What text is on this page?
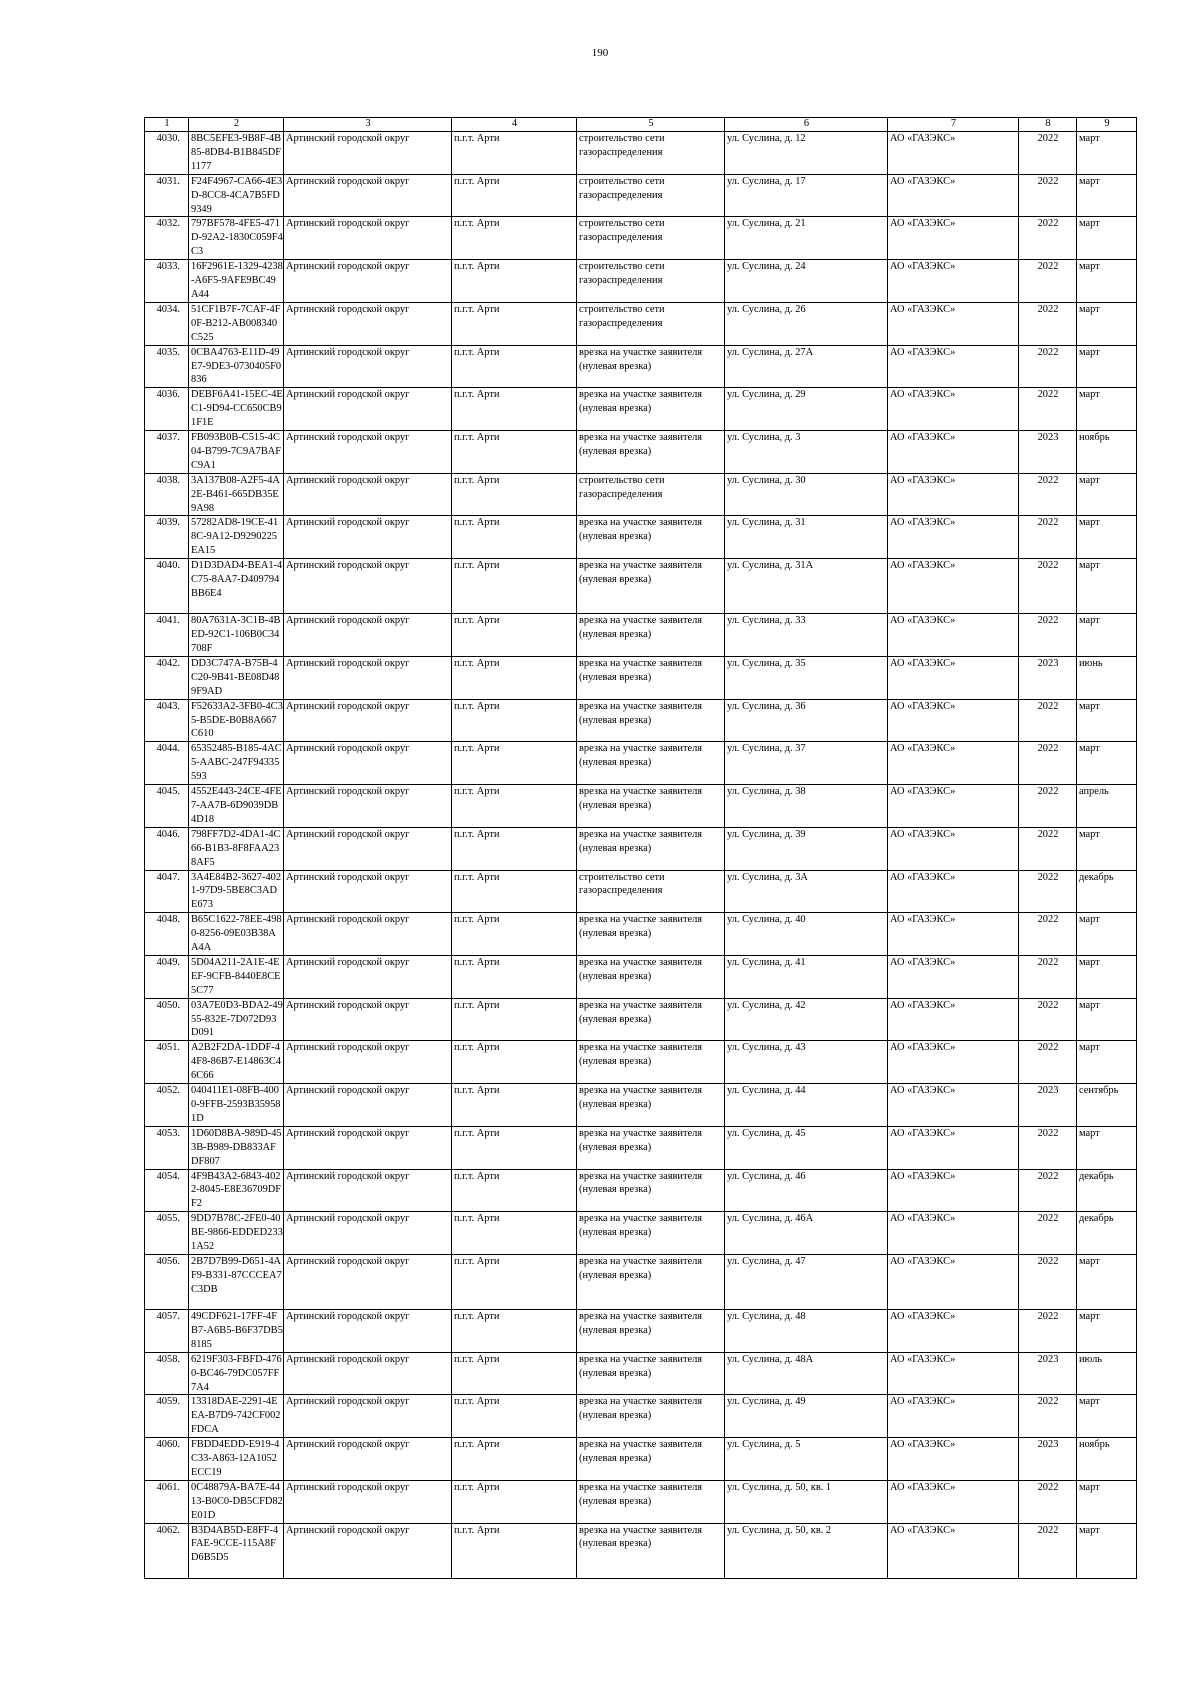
190
1	2	3	4	5	6	7	8	9
4030.	8BC5EFE3-9B8F-4B85-8DB4-B1B845DF1177	Артинский городской округ	п.г.т. Арти	строительство сети газораспределения	ул. Суслина, д. 12	АО «ГАЗЭКС»	2022	март
4031.	F24F4967-CA66-4E3D-8CC8-4CA7B5FD9349	Артинский городской округ	п.г.т. Арти	строительство сети газораспределения	ул. Суслина, д. 17	АО «ГАЗЭКС»	2022	март
4032.	797BF578-4FE5-471D-92A2-1830C059F4C3	Артинский городской округ	п.г.т. Арти	строительство сети газораспределения	ул. Суслина, д. 21	АО «ГАЗЭКС»	2022	март
4033.	16F2961E-1329-4238-A6F5-9AFE9BC49A44	Артинский городской округ	п.г.т. Арти	строительство сети газораспределения	ул. Суслина, д. 24	АО «ГАЗЭКС»	2022	март
4034.	51CF1B7F-7CAF-4F0F-B212-AB008340C525	Артинский городской округ	п.г.т. Арти	строительство сети газораспределения	ул. Суслина, д. 26	АО «ГАЗЭКС»	2022	март
4035.	0CBA4763-E11D-49E7-9DE3-0730405F0836	Артинский городской округ	п.г.т. Арти	врезка на участке заявителя (нулевая врезка)	ул. Суслина, д. 27А	АО «ГАЗЭКС»	2022	март
4036.	DEBF6A41-15EC-4EC1-9D94-CC650CB91F1E	Артинский городской округ	п.г.т. Арти	врезка на участке заявителя (нулевая врезка)	ул. Суслина, д. 29	АО «ГАЗЭКС»	2022	март
4037.	FB093B0B-C515-4C04-B799-7C9A7BAFC9A1	Артинский городской округ	п.г.т. Арти	врезка на участке заявителя (нулевая врезка)	ул. Суслина, д. 3	АО «ГАЗЭКС»	2023	ноябрь
4038.	3A137B08-A2F5-4A2E-B461-665DB35E9A98	Артинский городской округ	п.г.т. Арти	строительство сети газораспределения	ул. Суслина, д. 30	АО «ГАЗЭКС»	2022	март
4039.	57282AD8-19CE-418C-9A12-D9290225EA15	Артинский городской округ	п.г.т. Арти	врезка на участке заявителя (нулевая врезка)	ул. Суслина, д. 31	АО «ГАЗЭКС»	2022	март
4040.	D1D3DAD4-BEA1-4C75-8AA7-D409794BB6E4	Артинский городской округ	п.г.т. Арти	врезка на участке заявителя (нулевая врезка)	ул. Суслина, д. 31А	АО «ГАЗЭКС»	2022	март
4041.	80A7631A-3C1B-4BED-92C1-106B0C34708F	Артинский городской округ	п.г.т. Арти	врезка на участке заявителя (нулевая врезка)	ул. Суслина, д. 33	АО «ГАЗЭКС»	2022	март
4042.	DD3C747A-B75B-4C20-9B41-BE08D489F9AD	Артинский городской округ	п.г.т. Арти	врезка на участке заявителя (нулевая врезка)	ул. Суслина, д. 35	АО «ГАЗЭКС»	2023	июнь
4043.	F52633A2-3FB0-4C35-B5DE-B0B8A667C610	Артинский городской округ	п.г.т. Арти	врезка на участке заявителя (нулевая врезка)	ул. Суслина, д. 36	АО «ГАЗЭКС»	2022	март
4044.	65352485-B185-4AC5-AABC-247F94335593	Артинский городской округ	п.г.т. Арти	врезка на участке заявителя (нулевая врезка)	ул. Суслина, д. 37	АО «ГАЗЭКС»	2022	март
4045.	4552E443-24CE-4FE7-AA7B-6D9039DB4D18	Артинский городской округ	п.г.т. Арти	врезка на участке заявителя (нулевая врезка)	ул. Суслина, д. 38	АО «ГАЗЭКС»	2022	апрель
4046.	798FF7D2-4DA1-4C66-B1B3-8F8FAA238AF5	Артинский городской округ	п.г.т. Арти	врезка на участке заявителя (нулевая врезка)	ул. Суслина, д. 39	АО «ГАЗЭКС»	2022	март
4047.	3A4E84B2-3627-4021-97D9-5BE8C3ADE673	Артинский городской округ	п.г.т. Арти	строительство сети газораспределения	ул. Суслина, д. 3А	АО «ГАЗЭКС»	2022	декабрь
4048.	B65C1622-78EE-4980-8256-09E03B38AA4A	Артинский городской округ	п.г.т. Арти	врезка на участке заявителя (нулевая врезка)	ул. Суслина, д. 40	АО «ГАЗЭКС»	2022	март
4049.	5D04A211-2A1E-4EEF-9CFB-8440E8CE5C77	Артинский городской округ	п.г.т. Арти	врезка на участке заявителя (нулевая врезка)	ул. Суслина, д. 41	АО «ГАЗЭКС»	2022	март
4050.	03A7E0D3-BDA2-4955-832E-7D072D93D091	Артинский городской округ	п.г.т. Арти	врезка на участке заявителя (нулевая врезка)	ул. Суслина, д. 42	АО «ГАЗЭКС»	2022	март
4051.	A2B2F2DA-1DDF-44F8-86B7-E14863C46C66	Артинский городской округ	п.г.т. Арти	врезка на участке заявителя (нулевая врезка)	ул. Суслина, д. 43	АО «ГАЗЭКС»	2022	март
4052.	040411E1-08FB-4000-9FFB-2593B359581D	Артинский городской округ	п.г.т. Арти	врезка на участке заявителя (нулевая врезка)	ул. Суслина, д. 44	АО «ГАЗЭКС»	2023	сентябрь
4053.	1D60D8BA-989D-453B-B989-DB833AFDF807	Артинский городской округ	п.г.т. Арти	врезка на участке заявителя (нулевая врезка)	ул. Суслина, д. 45	АО «ГАЗЭКС»	2022	март
4054.	4F9B43A2-6843-4022-8045-E8E36709DFF2	Артинский городской округ	п.г.т. Арти	врезка на участке заявителя (нулевая врезка)	ул. Суслина, д. 46	АО «ГАЗЭКС»	2022	декабрь
4055.	9DD7B78C-2FE0-40BE-9866-EDDED2331A52	Артинский городской округ	п.г.т. Арти	врезка на участке заявителя (нулевая врезка)	ул. Суслина, д. 46А	АО «ГАЗЭКС»	2022	декабрь
4056.	2B7D7B99-D651-4AF9-B331-87CCCEA7C3DB	Артинский городской округ	п.г.т. Арти	врезка на участке заявителя (нулевая врезка)	ул. Суслина, д. 47	АО «ГАЗЭКС»	2022	март
4057.	49CDF621-17FF-4FB7-A6B5-B6F37DB58185	Артинский городской округ	п.г.т. Арти	врезка на участке заявителя (нулевая врезка)	ул. Суслина, д. 48	АО «ГАЗЭКС»	2022	март
4058.	6219F303-FBFD-4760-BC46-79DC057FF7A4	Артинский городской округ	п.г.т. Арти	врезка на участке заявителя (нулевая врезка)	ул. Суслина, д. 48А	АО «ГАЗЭКС»	2023	июль
4059.	13318DAE-2291-4EEA-B7D9-742CF002FDCA	Артинский городской округ	п.г.т. Арти	врезка на участке заявителя (нулевая врезка)	ул. Суслина, д. 49	АО «ГАЗЭКС»	2022	март
4060.	FBDD4EDD-E919-4C33-A863-12A1052ECC19	Артинский городской округ	п.г.т. Арти	врезка на участке заявителя (нулевая врезка)	ул. Суслина, д. 5	АО «ГАЗЭКС»	2023	ноябрь
4061.	0C48879A-BA7E-4413-B0C0-DB5CFD82E01D	Артинский городской округ	п.г.т. Арти	врезка на участке заявителя (нулевая врезка)	ул. Суслина, д. 50, кв. 1	АО «ГАЗЭКС»	2022	март
4062.	B3D4AB5D-E8FF-4FAE-9CCE-115A8FD6B5D5	Артинский городской округ	п.г.т. Арти	врезка на участке заявителя (нулевая врезка)	ул. Суслина, д. 50, кв. 2	АО «ГАЗЭКС»	2022	март
